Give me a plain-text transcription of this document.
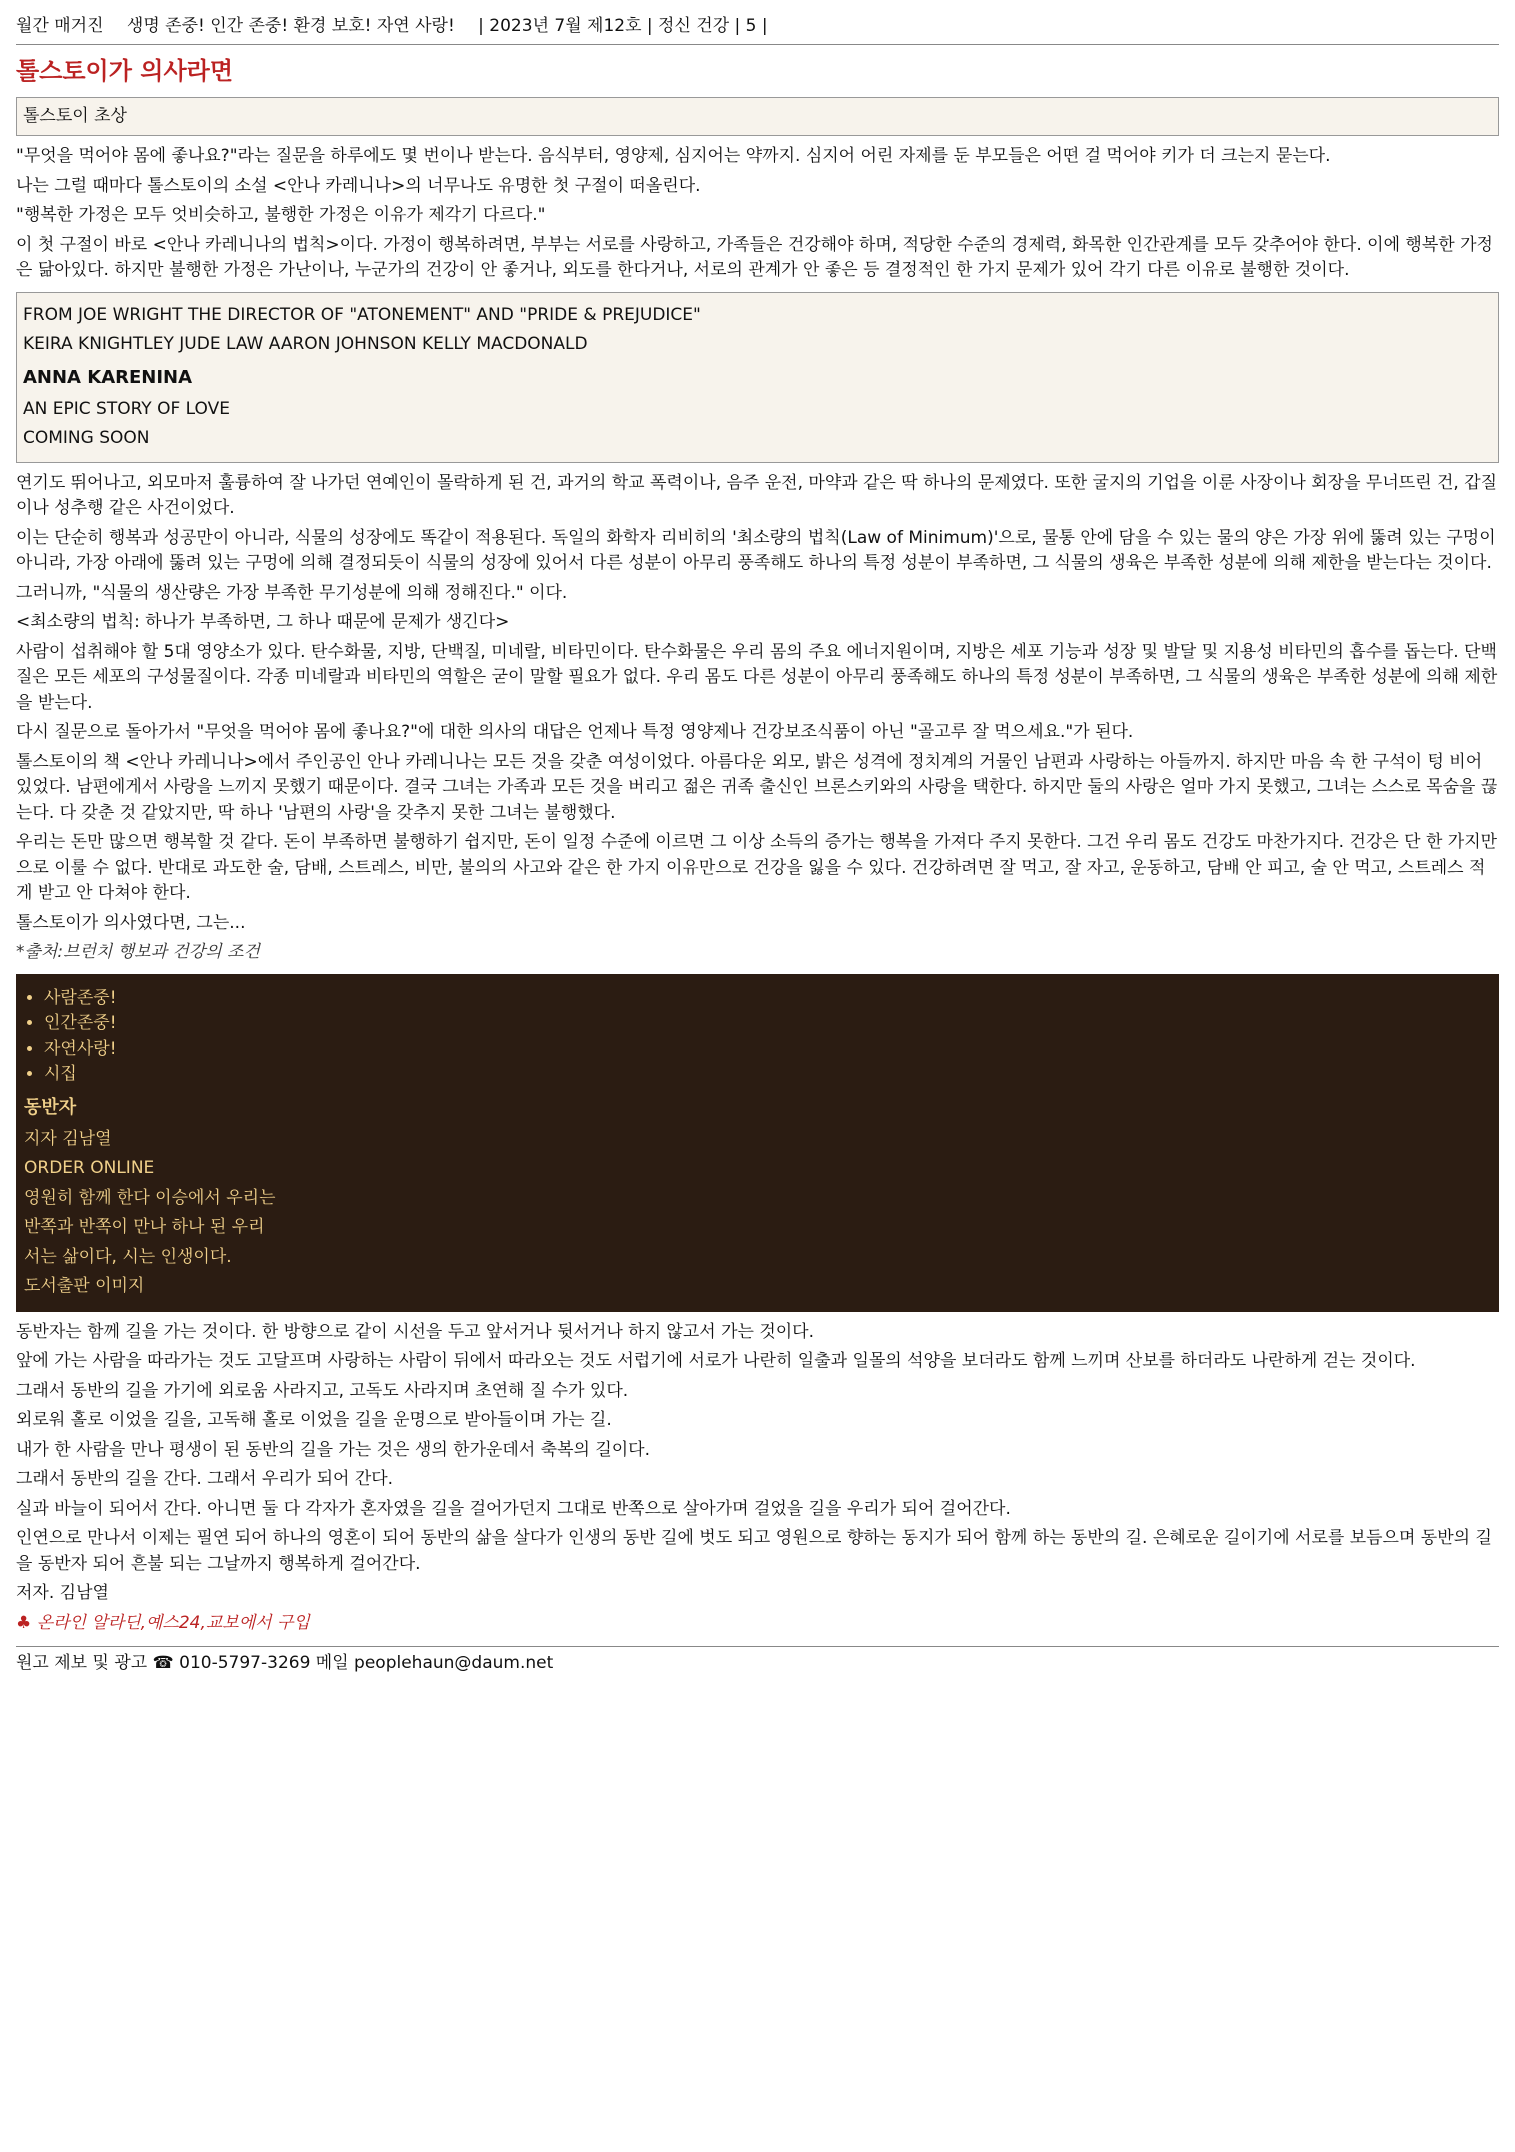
월간 매거진 생명 존중! 인간 존중! 환경 보호! 자연 사랑! | 2023년 7월 제12호 | 정신 건강 | 5 |
톨스토이가 의사라면
톨스토이 초상

"무엇을 먹어야 몸에 좋나요?"라는 질문을 하루에도 몇 번이나 받는다. 음식부터, 영양제, 심지어는 약까지. 심지어 어린 자제를 둔 부모들은 어떤 걸 먹어야 키가 더 크는지 묻는다.

나는 그럴 때마다 톨스토이의 소설 <안나 카레니나>의 너무나도 유명한 첫 구절이 떠올린다.

"행복한 가정은 모두 엇비슷하고, 불행한 가정은 이유가 제각기 다르다."

이 첫 구절이 바로 <안나 카레니나의 법칙>이다. 가정이 행복하려면, 부부는 서로를 사랑하고, 가족들은 건강해야 하며, 적당한 수준의 경제력, 화목한 인간관계를 모두 갖추어야 한다. 이에 행복한 가정은 닮아있다. 하지만 불행한 가정은 가난이나, 누군가의 건강이 안 좋거나, 외도를 한다거나, 서로의 관계가 안 좋은 등 결정적인 한 가지 문제가 있어 각기 다른 이유로 불행한 것이다.

FROM JOE WRIGHT THE DIRECTOR OF "ATONEMENT" AND "PRIDE & PREJUDICE"

KEIRA KNIGHTLEY JUDE LAW AARON JOHNSON KELLY MACDONALD

ANNA KARENINA

AN EPIC STORY OF LOVE

COMING SOON

연기도 뛰어나고, 외모마저 훌륭하여 잘 나가던 연예인이 몰락하게 된 건, 과거의 학교 폭력이나, 음주 운전, 마약과 같은 딱 하나의 문제였다. 또한 굴지의 기업을 이룬 사장이나 회장을 무너뜨린 건, 갑질이나 성추행 같은 사건이었다.

이는 단순히 행복과 성공만이 아니라, 식물의 성장에도 똑같이 적용된다. 독일의 화학자 리비히의 '최소량의 법칙(Law of Minimum)'으로, 물통 안에 담을 수 있는 물의 양은 가장 위에 뚫려 있는 구멍이 아니라, 가장 아래에 뚫려 있는 구멍에 의해 결정되듯이 식물의 성장에 있어서 다른 성분이 아무리 풍족해도 하나의 특정 성분이 부족하면, 그 식물의 생육은 부족한 성분에 의해 제한을 받는다는 것이다.

그러니까, "식물의 생산량은 가장 부족한 무기성분에 의해 정해진다." 이다.

<최소량의 법칙: 하나가 부족하면, 그 하나 때문에 문제가 생긴다>

사람이 섭취해야 할 5대 영양소가 있다. 탄수화물, 지방, 단백질, 미네랄, 비타민이다. 탄수화물은 우리 몸의 주요 에너지원이며, 지방은 세포 기능과 성장 및 발달 및 지용성 비타민의 흡수를 돕는다. 단백질은 모든 세포의 구성물질이다. 각종 미네랄과 비타민의 역할은 굳이 말할 필요가 없다. 우리 몸도 다른 성분이 아무리 풍족해도 하나의 특정 성분이 부족하면, 그 식물의 생육은 부족한 성분에 의해 제한을 받는다.

다시 질문으로 돌아가서 "무엇을 먹어야 몸에 좋나요?"에 대한 의사의 대답은 언제나 특정 영양제나 건강보조식품이 아닌 "골고루 잘 먹으세요."가 된다.

톨스토이의 책 <안나 카레니나>에서 주인공인 안나 카레니나는 모든 것을 갖춘 여성이었다. 아름다운 외모, 밝은 성격에 정치계의 거물인 남편과 사랑하는 아들까지. 하지만 마음 속 한 구석이 텅 비어 있었다. 남편에게서 사랑을 느끼지 못했기 때문이다. 결국 그녀는 가족과 모든 것을 버리고 젊은 귀족 출신인 브론스키와의 사랑을 택한다. 하지만 둘의 사랑은 얼마 가지 못했고, 그녀는 스스로 목숨을 끊는다. 다 갖춘 것 같았지만, 딱 하나 '남편의 사랑'을 갖추지 못한 그녀는 불행했다.

우리는 돈만 많으면 행복할 것 같다. 돈이 부족하면 불행하기 쉽지만, 돈이 일정 수준에 이르면 그 이상 소득의 증가는 행복을 가져다 주지 못한다. 그건 우리 몸도 건강도 마찬가지다. 건강은 단 한 가지만으로 이룰 수 없다. 반대로 과도한 술, 담배, 스트레스, 비만, 불의의 사고와 같은 한 가지 이유만으로 건강을 잃을 수 있다. 건강하려면 잘 먹고, 잘 자고, 운동하고, 담배 안 피고, 술 안 먹고, 스트레스 적게 받고 안 다쳐야 한다.

톨스토이가 의사였다면, 그는...

*출처:브런치 행보과 건강의 조건

• 사람존중!
• 인간존중!
• 자연사랑!
• 시집
동반자

지자 김남열

ORDER ONLINE

영원히 함께 한다 이승에서 우리는

반쪽과 반쪽이 만나 하나 된 우리

서는 삶이다, 시는 인생이다.

도서출판 이미지

동반자는 함께 길을 가는 것이다. 한 방향으로 같이 시선을 두고 앞서거나 뒷서거나 하지 않고서 가는 것이다.

앞에 가는 사람을 따라가는 것도 고달프며 사랑하는 사람이 뒤에서 따라오는 것도 서럽기에 서로가 나란히 일출과 일몰의 석양을 보더라도 함께 느끼며 산보를 하더라도 나란하게 걷는 것이다.

그래서 동반의 길을 가기에 외로움 사라지고, 고독도 사라지며 초연해 질 수가 있다.

외로워 홀로 이었을 길을, 고독해 홀로 이었을 길을 운명으로 받아들이며 가는 길.

내가 한 사람을 만나 평생이 된 동반의 길을 가는 것은 생의 한가운데서 축복의 길이다.

그래서 동반의 길을 간다. 그래서 우리가 되어 간다.

실과 바늘이 되어서 간다. 아니면 둘 다 각자가 혼자였을 길을 걸어가던지 그대로 반쪽으로 살아가며 걸었을 길을 우리가 되어 걸어간다.

인연으로 만나서 이제는 필연 되어 하나의 영혼이 되어 동반의 삶을 살다가 인생의 동반 길에 벗도 되고 영원으로 향하는 동지가 되어 함께 하는 동반의 길. 은혜로운 길이기에 서로를 보듬으며 동반의 길을 동반자 되어 흔불 되는 그날까지 행복하게 걸어간다.

저자. 김남열

♣ 온라인 알라딘,예스24,교보에서 구입

원고 제보 및 광고 ☎ 010-5797-3269 메일 peoplehaun@daum.net
